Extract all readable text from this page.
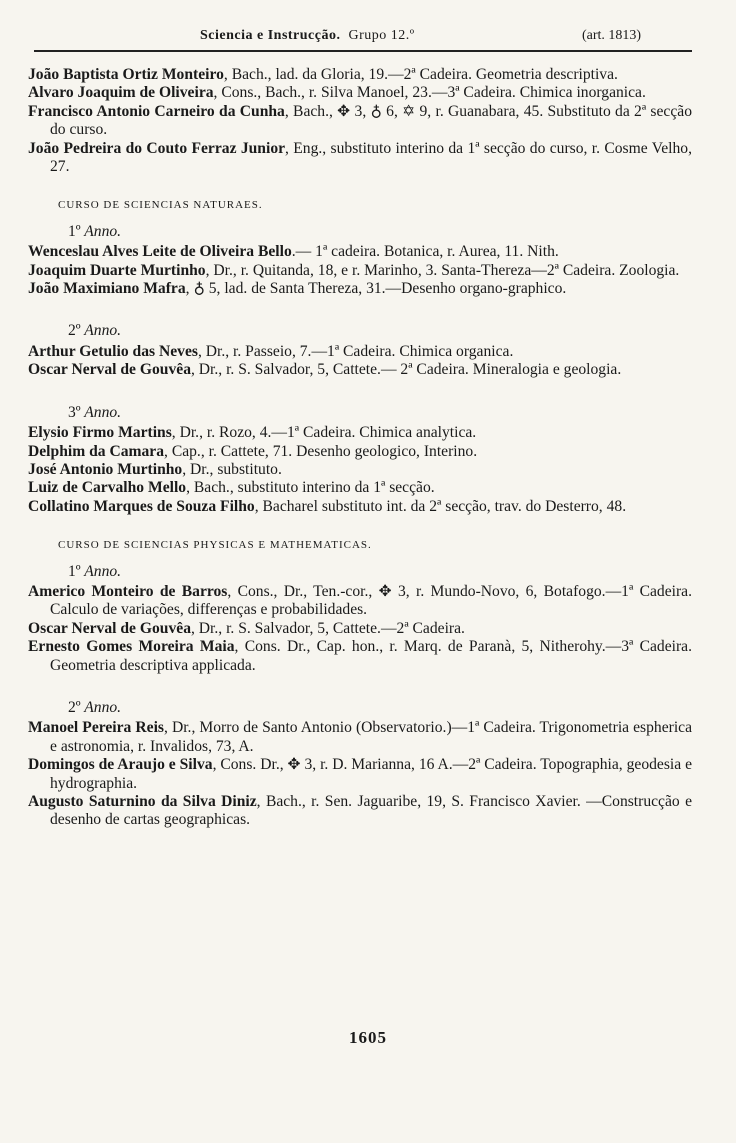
Sciencia e Instrucção. Grupo 12.º	(art. 1813)

João Baptista Ortiz Monteiro, Bach., lad. da Gloria, 19.—2ª Cadeira. Geometria descriptiva.

Alvaro Joaquim de Oliveira, Cons., Bach., r. Silva Manoel, 23.—3ª Cadeira. Chimica inorganica.

Francisco Antonio Carneiro da Cunha, Bach., ✥ 3, ♁ 6, ✡ 9, r. Guanabara, 45. Substituto da 2ª secção do curso.

João Pedreira do Couto Ferraz Junior, Eng., substituto interino da 1ª secção do curso, r. Cosme Velho, 27.

CURSO DE SCIENCIAS NATURAES.
1º Anno.

Wenceslau Alves Leite de Oliveira Bello.— 1ª cadeira. Botanica, r. Aurea, 11. Nith.

Joaquim Duarte Murtinho, Dr., r. Quitanda, 18, e r. Marinho, 3. Santa-Thereza—2ª Cadeira. Zoologia.

João Maximiano Mafra, ♁ 5, lad. de Santa Thereza, 31.—Desenho organo-graphico.

2º Anno.

Arthur Getulio das Neves, Dr., r. Passeio, 7.—1ª Cadeira. Chimica organica.

Oscar Nerval de Gouvêa, Dr., r. S. Salvador, 5, Cattete.— 2ª Cadeira. Mineralogia e geologia.

3º Anno.

Elysio Firmo Martins, Dr., r. Rozo, 4.—1ª Cadeira. Chimica analytica.

Delphim da Camara, Cap., r. Cattete, 71. Desenho geologico, Interino.

José Antonio Murtinho, Dr., substituto.

Luiz de Carvalho Mello, Bach., substituto interino da 1ª secção.

Collatino Marques de Souza Filho, Bacharel substituto int. da 2ª secção, trav. do Desterro, 48.

CURSO DE SCIENCIAS PHYSICAS E MATHEMATICAS.
1º Anno.

Americo Monteiro de Barros, Cons., Dr., Ten.-cor., ✥ 3, r. Mundo-Novo, 6, Botafogo.—1ª Cadeira. Calculo de variações, differenças e probabilidades.

Oscar Nerval de Gouvêa, Dr., r. S. Salvador, 5, Cattete.—2ª Cadeira.

Ernesto Gomes Moreira Maia, Cons. Dr., Cap. hon., r. Marq. de Paranà, 5, Nitherohy.—3ª Cadeira. Geometria descriptiva applicada.

2º Anno.

Manoel Pereira Reis, Dr., Morro de Santo Antonio (Observatorio.)—1ª Cadeira. Trigonometria espherica e astronomia, r. Invalidos, 73, A.

Domingos de Araujo e Silva, Cons. Dr., ✥ 3, r. D. Marianna, 16 A.—2ª Cadeira. Topographia, geodesia e hydrographia.

Augusto Saturnino da Silva Diniz, Bach., r. Sen. Jaguaribe, 19, S. Francisco Xavier. —Construcção e desenho de cartas geographicas.

1605
